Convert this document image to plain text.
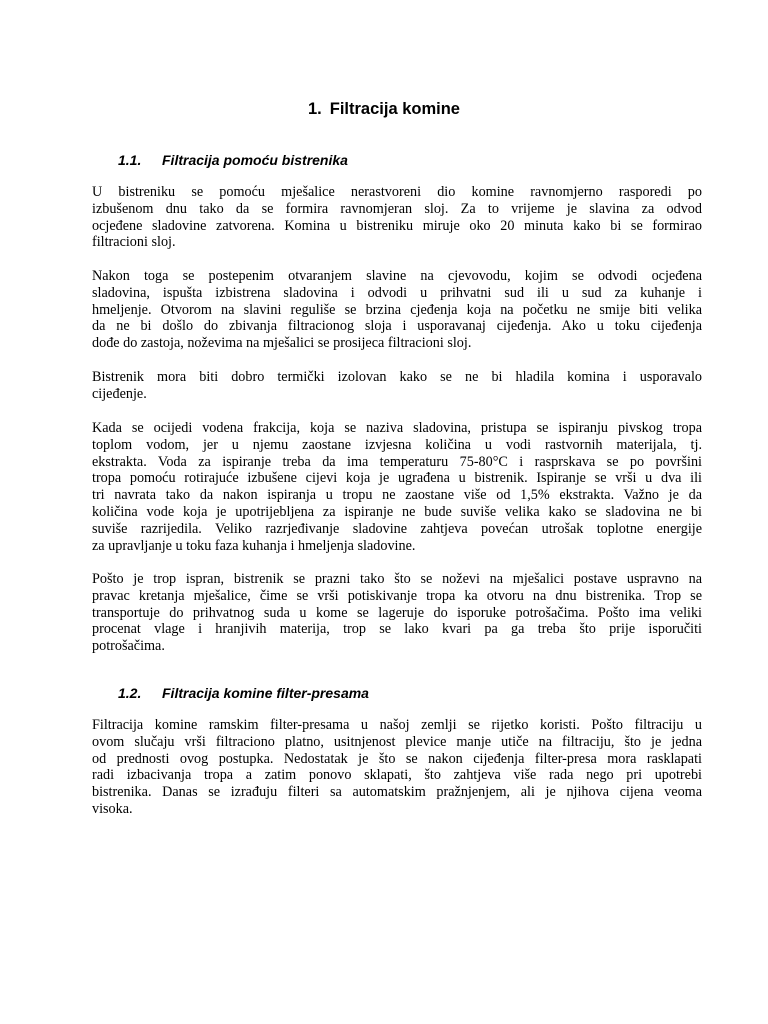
1. Filtracija komine
1.1. Filtracija pomoću bistrenika

U bistreniku se pomoću mješalice nerastvoreni dio komine ravnomjerno rasporedi po
izbušenom dnu tako da se formira ravnomjeran sloj. Za to vrijeme je slavina za odvod
ocjeđene sladovine zatvorena. Komina u bistreniku miruje oko 20 minuta kako bi se formirao
filtracioni sloj.

Nakon toga se postepenim otvaranjem slavine na cjevovodu, kojim se odvodi ocjeđena
sladovina, ispušta izbistrena sladovina i odvodi u prihvatni sud ili u sud za kuhanje i
hmeljenje. Otvorom na slavini reguliše se brzina cjeđenja koja na početku ne smije biti velika
da ne bi došlo do zbivanja filtracionog sloja i usporavanaj cijeđenja. Ako u toku cijeđenja
dođe do zastoja, noževima na mješalici se prosijeca filtracioni sloj.

Bistrenik mora biti dobro termički izolovan kako se ne bi hladila komina i usporavalo
cijeđenje.

Kada se ocijedi vodena frakcija, koja se naziva sladovina, pristupa se ispiranju pivskog tropa
toplom vodom, jer u njemu zaostane izvjesna količina u vodi rastvornih materijala, tj.
ekstrakta. Voda za ispiranje treba da ima temperaturu 75-80°C i rasprskava se po površini
tropa pomoću rotirajuće izbušene cijevi koja je ugrađena u bistrenik. Ispiranje se vrši u dva ili
tri navrata tako da nakon ispiranja u tropu ne zaostane više od 1,5% ekstrakta. Važno je da
količina vode koja je upotrijebljena za ispiranje ne bude suviše velika kako se sladovina ne bi
suviše razrijedila. Veliko razrjeđivanje sladovine zahtjeva povećan utrošak toplotne energije
za upravljanje u toku faza kuhanja i hmeljenja sladovine.

Pošto je trop ispran, bistrenik se prazni tako što se noževi na mješalici postave uspravno na
pravac kretanja mješalice, čime se vrši potiskivanje tropa ka otvoru na dnu bistrenika. Trop se
transportuje do prihvatnog suda u kome se lageruje do isporuke potrošačima. Pošto ima veliki
procenat vlage i hranjivih materija, trop se lako kvari pa ga treba što prije isporučiti
potrošačima.

1.2. Filtracija komine filter-presama

Filtracija komine ramskim filter-presama u našoj zemlji se rijetko koristi. Pošto filtraciju u
ovom slučaju vrši filtraciono platno, usitnjenost plevice manje utiče na filtraciju, što je jedna
od prednosti ovog postupka. Nedostatak je što se nakon cijeđenja filter-presa mora rasklapati
radi izbacivanja tropa a zatim ponovo sklapati, što zahtjeva više rada nego pri upotrebi
bistrenika. Danas se izrađuju filteri sa automatskim pražnjenjem, ali je njihova cijena veoma
visoka.
